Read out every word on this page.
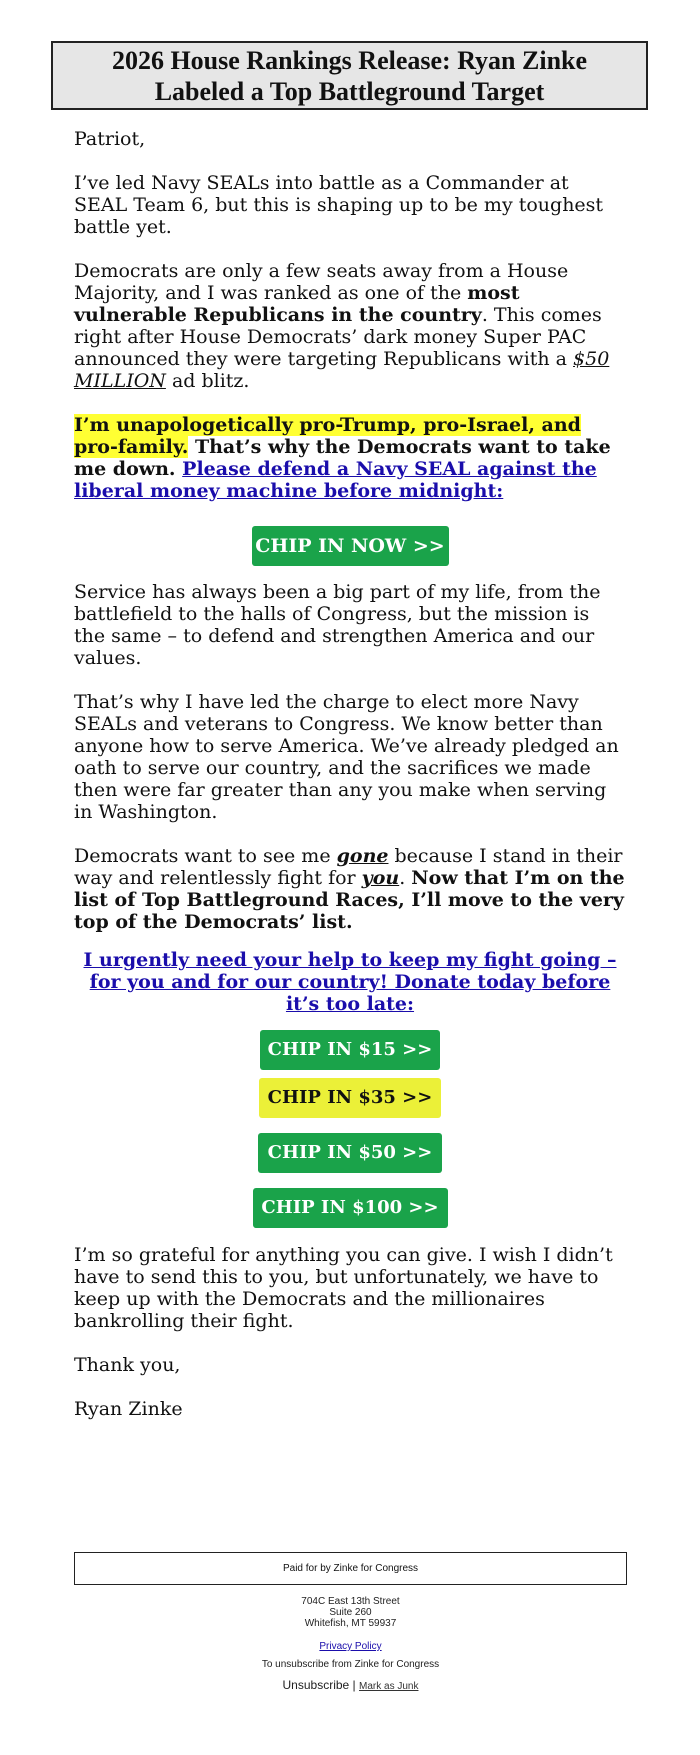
2026 House Rankings Release: Ryan Zinke
Labeled a Top Battleground Target

Patriot,

I’ve led Navy SEALs into battle as a Commander at SEAL Team 6, but this is shaping up to be my toughest battle yet.

Democrats are only a few seats away from a House Majority, and I was ranked as one of the most vulnerable Republicans in the country. This comes right after House Democrats’ dark money Super PAC announced they were targeting Republicans with a $50 MILLION ad blitz.

I’m unapologetically pro-Trump, pro-Israel, and pro-family. That’s why the Democrats want to take me down. Please defend a Navy SEAL against the liberal money machine before midnight:

CHIP IN NOW >>

Service has always been a big part of my life, from the battlefield to the halls of Congress, but the mission is the same – to defend and strengthen America and our values.

That’s why I have led the charge to elect more Navy SEALs and veterans to Congress. We know better than anyone how to serve America. We’ve already pledged an oath to serve our country, and the sacrifices we made then were far greater than any you make when serving in Washington.

Democrats want to see me gone because I stand in their way and relentlessly fight for you. Now that I’m on the list of Top Battleground Races, I’ll move to the very top of the Democrats’ list.

I urgently need your help to keep my fight going – for you and for our country! Donate today before it’s too late:

CHIP IN $15 >>
CHIP IN $35 >>
CHIP IN $50 >>
CHIP IN $100 >>

I’m so grateful for anything you can give. I wish I didn’t have to send this to you, but unfortunately, we have to keep up with the Democrats and the millionaires bankrolling their fight.

Thank you,

Ryan Zinke

Paid for by Zinke for Congress
704C East 13th Street
Suite 260
Whitefish, MT 59937
Privacy Policy
To unsubscribe from Zinke for Congress
Unsubscribe | Mark as Junk
